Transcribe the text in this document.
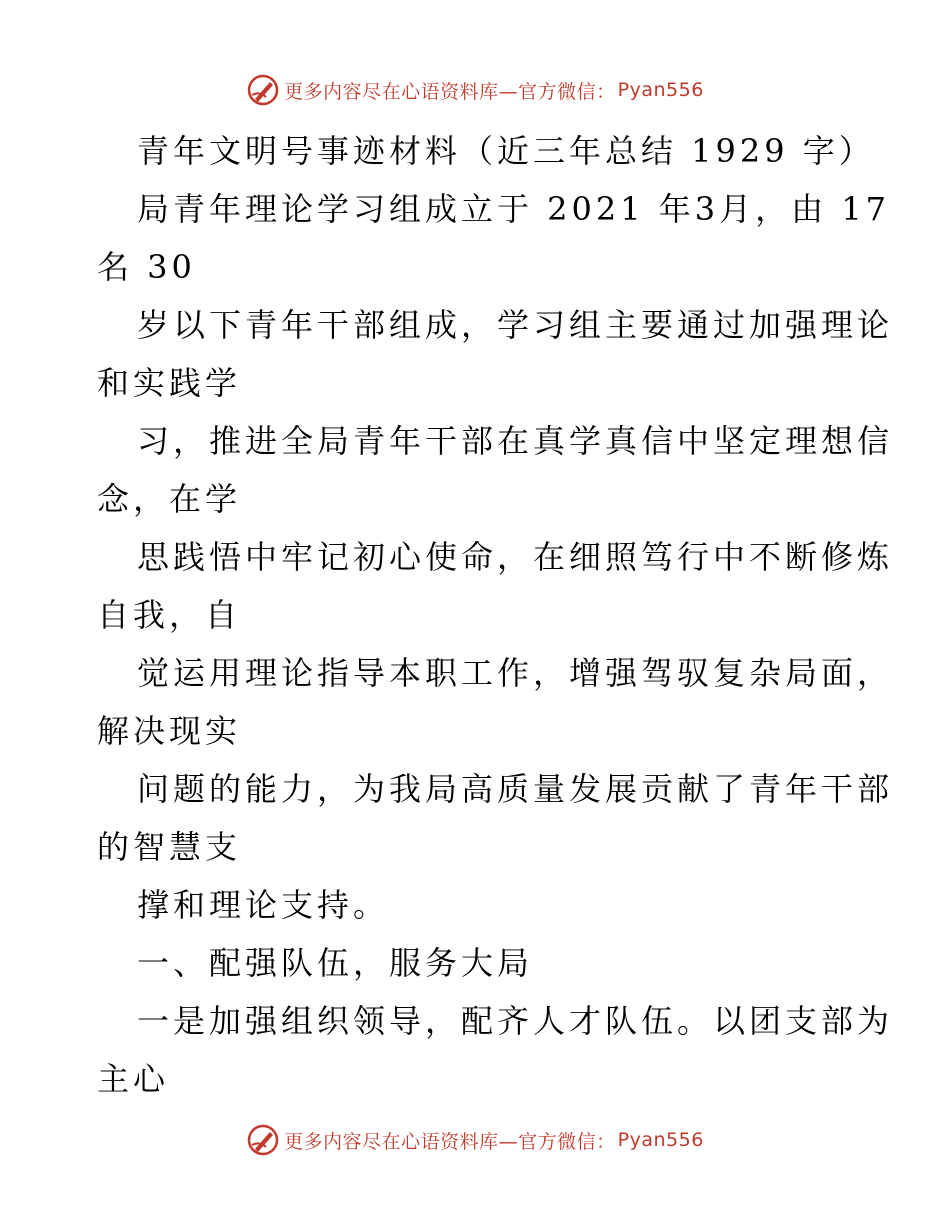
更多内容尽在心语资料库—官方微信： Pyan556
青年文明号事迹材料（近三年总结 1929 字）
局青年理论学习组成立于 2021 年3月，由 17
名 30
岁以下青年干部组成，学习组主要通过加强理论
和实践学
习，推进全局青年干部在真学真信中坚定理想信
念，在学
思践悟中牢记初心使命，在细照笃行中不断修炼
自我，自
觉运用理论指导本职工作，增强驾驭复杂局面，
解决现实
问题的能力，为我局高质量发展贡献了青年干部
的智慧支
撑和理论支持。
一、配强队伍，服务大局
一是加强组织领导，配齐人才队伍。以团支部为
主心
更多内容尽在心语资料库—官方微信： Pyan556
